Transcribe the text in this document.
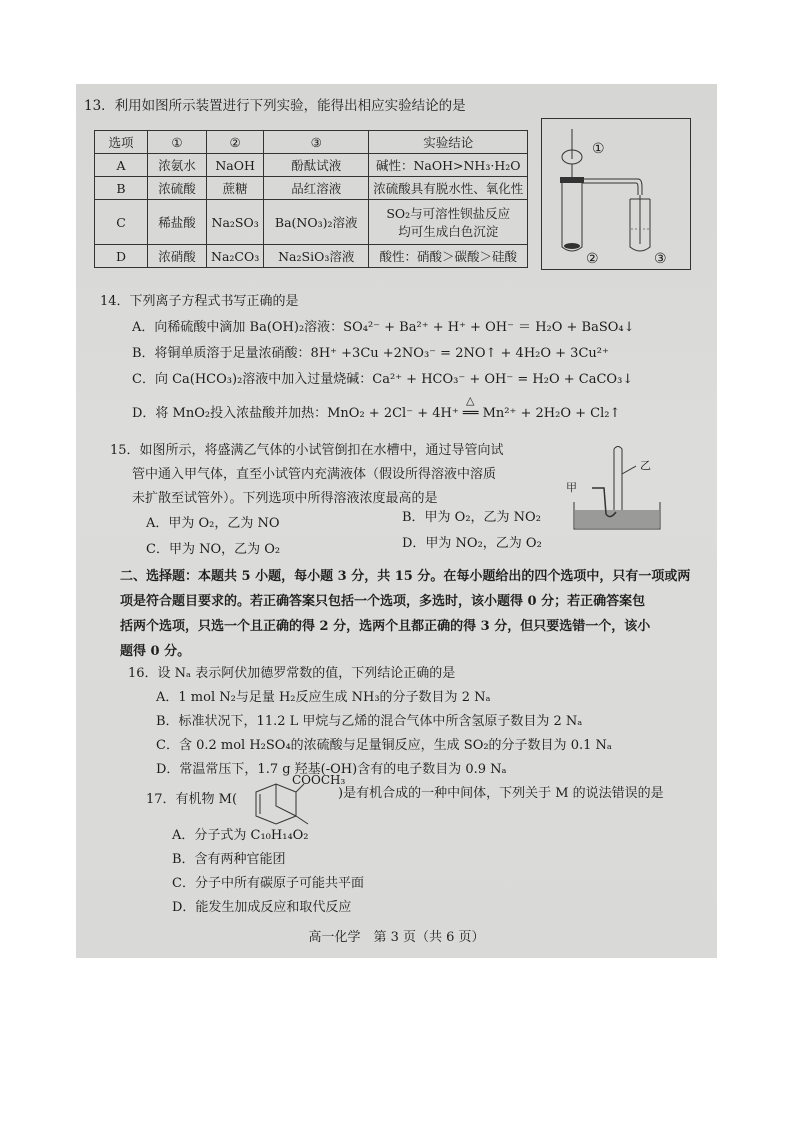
13．利用如图所示装置进行下列实验，能得出相应实验结论的是
选项	①	②	③	实验结论
A	浓氨水	NaOH	酚酞试液	碱性：NaOH>NH₃·H₂O
B	浓硫酸	蔗糖	品红溶液	浓硫酸具有脱水性、氧化性
C	稀盐酸	Na₂SO₃	Ba(NO₃)₂溶液	SO₂与可溶性钡盐反应
均可生成白色沉淀

D	浓硝酸	Na₂CO₃	Na₂SiO₃溶液	酸性：硝酸＞碳酸＞硅酸
①
②	③
14．下列离子方程式书写正确的是
A．向稀硫酸中滴加 Ba(OH)₂溶液：SO₄²⁻ + Ba²⁺ + H⁺ + OH⁻ ＝ H₂O + BaSO₄↓
B．将铜单质溶于足量浓硝酸：8H⁺ +3Cu +2NO₃⁻ = 2NO↑ + 4H₂O + 3Cu²⁺
C．向 Ca(HCO₃)₂溶液中加入过量烧碱：Ca²⁺ + HCO₃⁻ + OH⁻ = H₂O + CaCO₃↓
△
D．将 MnO₂投入浓盐酸并加热：MnO₂ + 2Cl⁻ + 4H⁺ ══ Mn²⁺ + 2H₂O + Cl₂↑
15．如图所示，将盛满乙气体的小试管倒扣在水槽中，通过导管向试
管中通入甲气体，直至小试管内充满液体（假设所得溶液中溶质
未扩散至试管外）。下列选项中所得溶液浓度最高的是
A．甲为 O₂，乙为 NO	B．甲为 O₂，乙为 NO₂
C．甲为 NO，乙为 O₂	D．甲为 NO₂，乙为 O₂
乙
甲
二、选择题：本题共 5 小题，每小题 3 分，共 15 分。在每小题给出的四个选项中，只有一项或两
项是符合题目要求的。若正确答案只包括一个选项，多选时，该小题得 0 分；若正确答案包
括两个选项，只选一个且正确的得 2 分，选两个且都正确的得 3 分，但只要选错一个，该小
题得 0 分。
16．设 Nₐ 表示阿伏加德罗常数的值，下列结论正确的是
A．1 mol N₂与足量 H₂反应生成 NH₃的分子数目为 2 Nₐ
B．标准状况下，11.2 L 甲烷与乙烯的混合气体中所含氢原子数目为 2 Nₐ
C．含 0.2 mol H₂SO₄的浓硫酸与足量铜反应，生成 SO₂的分子数目为 0.1 Nₐ
D．常温常压下，1.7 g 羟基(-OH)含有的电子数目为 0.9 Nₐ
17．有机物 M(	)是有机合成的一种中间体，下列关于 M 的说法错误的是
COOCH₃
A．分子式为 C₁₀H₁₄O₂
B．含有两种官能团
C．分子中所有碳原子可能共平面
D．能发生加成反应和取代反应
高一化学　第 3 页（共 6 页）
